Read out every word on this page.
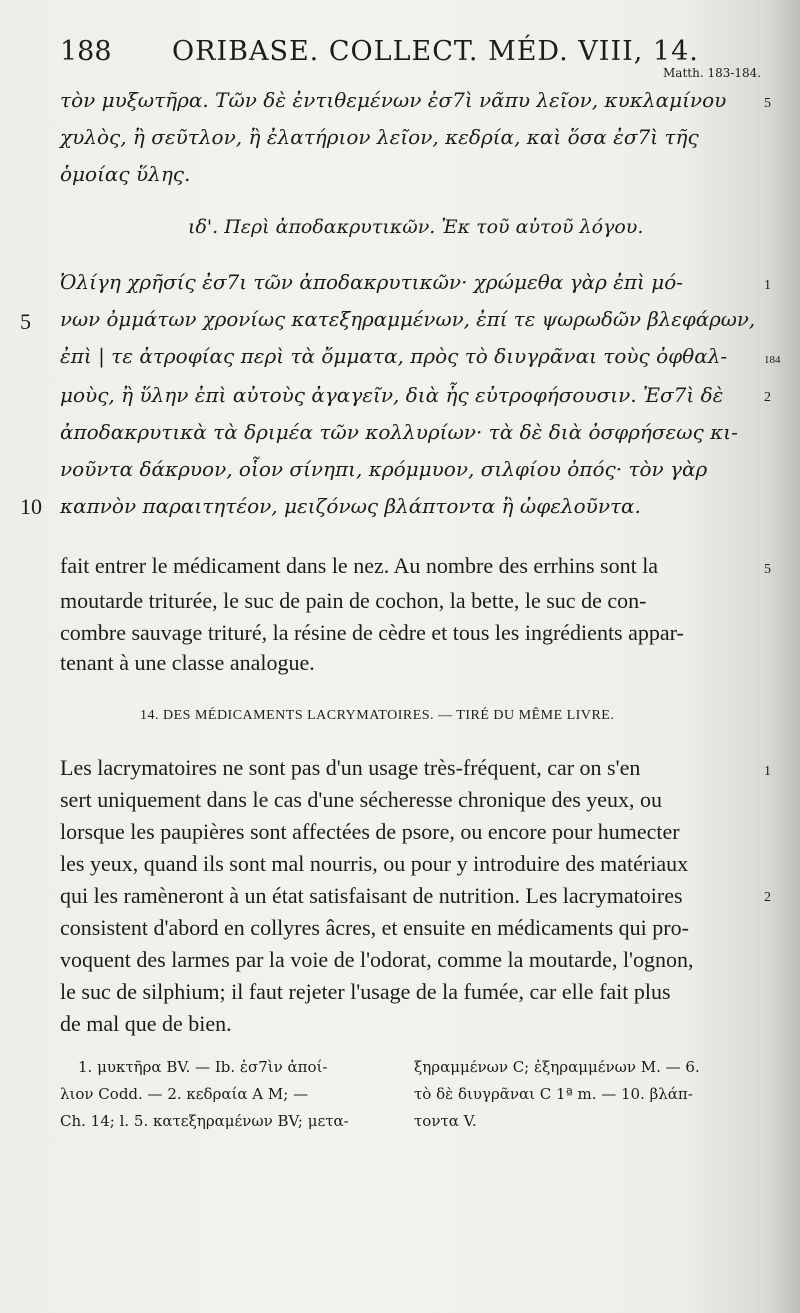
188 ORIBASE. COLLECT. MÉD. VIII, 14.
Matth. 183-184.
τὸν μυξωτῆρα. Τῶν δὲ ἐντιθεμένων ἐσ7ὶ νᾶπυ λεῖον, κυκλαμίνου
χυλὸς, ἢ σεῦτλον, ἢ ἐλατήριον λεῖον, κεδρία, καὶ ὅσα ἐσ7ὶ τῆς
ὁμοίας ὕλης.
5
ιδ'. Περὶ ἀποδακρυτικῶν. Ἐκ τοῦ αὐτοῦ λόγου.
Ὀλίγη χρῆσίς ἐσ7ι τῶν ἀποδακρυτικῶν· χρώμεθα γὰρ ἐπὶ μό-
νων ὀμμάτων χρονίως κατεξηραμμένων, ἐπί τε ψωρωδῶν βλεφάρων,
ἐπὶ | τε ἀτροφίας περὶ τὰ ὄμματα, πρὸς τὸ διυγρᾶναι τοὺς ὀφθαλ-
μοὺς, ἢ ὕλην ἐπὶ αὐτοὺς ἀγαγεῖν, διὰ ἧς εὐτροφήσουσιν. Ἐσ7ὶ δὲ
ἀποδακρυτικὰ τὰ δριμέα τῶν κολλυρίων· τὰ δὲ διὰ ὀσφρήσεως κι-
νοῦντα δάκρυον, οἷον σίνηπι, κρόμμυον, σιλφίου ὀπός· τὸν γὰρ
καπνὸν παραιτητέον, μειζόνως βλάπτοντα ἢ ὠφελοῦντα.
5
10
1
184
2
fait entrer le médicament dans le nez. Au nombre des errhins sont la
moutarde triturée, le suc de pain de cochon, la bette, le suc de con-
combre sauvage trituré, la résine de cèdre et tous les ingrédients appar-
tenant à une classe analogue.
5
14. DES MÉDICAMENTS LACRYMATOIRES. — TIRÉ DU MÊME LIVRE.
Les lacrymatoires ne sont pas d'un usage très-fréquent, car on s'en
sert uniquement dans le cas d'une sécheresse chronique des yeux, ou
lorsque les paupières sont affectées de psore, ou encore pour humecter
les yeux, quand ils sont mal nourris, ou pour y introduire des matériaux
qui les ramèneront à un état satisfaisant de nutrition. Les lacrymatoires
consistent d'abord en collyres âcres, et ensuite en médicaments qui pro-
voquent des larmes par la voie de l'odorat, comme la moutarde, l'ognon,
le suc de silphium; il faut rejeter l'usage de la fumée, car elle fait plus
de mal que de bien.
1
2
1. μυκτῆρα BV. — Ib. ἐσ7ὶν ἀποί-
λιον Codd. — 2. κεδραία A M; —
Ch. 14; l. 5. κατεξηραμένων BV; μετα-
ξηραμμένων C; ἐξηραμμένων M. — 6.
τὸ δὲ διυγρᾶναι C 1ª m. — 10. βλάπ-
τοντα V.
